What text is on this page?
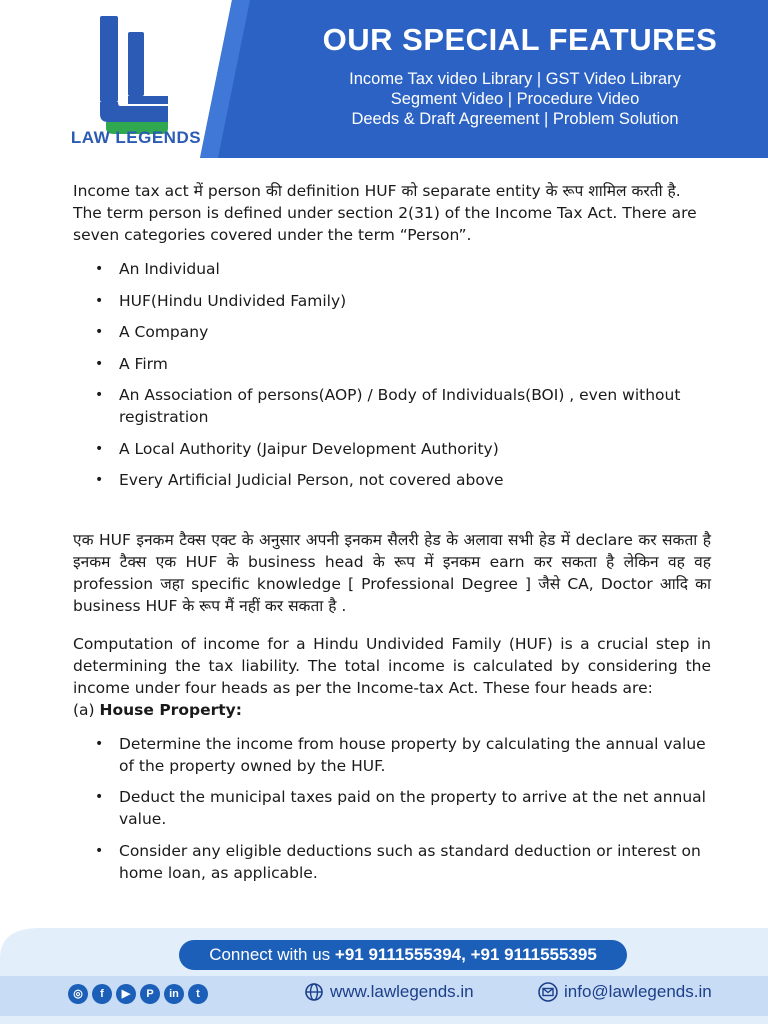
LAW LEGENDS
OUR SPECIAL FEATURES
Income Tax video Library | GST Video Library
Segment Video | Procedure Video
Deeds & Draft Agreement | Problem Solution

Income tax act में person की definition HUF को separate entity के रूप शामिल करती है.

The term person is defined under section 2(31) of the Income Tax Act. There are seven categories covered under the term “Person”.

• An Individual
• HUF(Hindu Undivided Family)
• A Company
• A Firm
• An Association of persons(AOP) / Body of Individuals(BOI) , even without registration
• A Local Authority (Jaipur Development Authority)
• Every Artificial Judicial Person, not covered above

एक HUF इनकम टैक्स एक्ट के अनुसार अपनी इनकम सैलरी हेड के अलावा सभी हेड में declare कर सकता है इनकम टैक्स एक HUF के business head के रूप में इनकम earn कर सकता है लेकिन वह वह profession जहा specific knowledge [ Professional Degree ] जैसे CA, Doctor आदि का business HUF के रूप मैं नहीं कर सकता है .

Computation of income for a Hindu Undivided Family (HUF) is a crucial step in determining the tax liability. The total income is calculated by considering the income under four heads as per the Income-tax Act. These four heads are:

(a) House Property:

• Determine the income from house property by calculating the annual value of the property owned by the HUF.
• Deduct the municipal taxes paid on the property to arrive at the net annual value.
• Consider any eligible deductions such as standard deduction or interest on home loan, as applicable.
Connect with us +91 9111555394, +91 9111555395
◎	f	▶	P	in	t	www.lawlegends.in	info@lawlegends.in
